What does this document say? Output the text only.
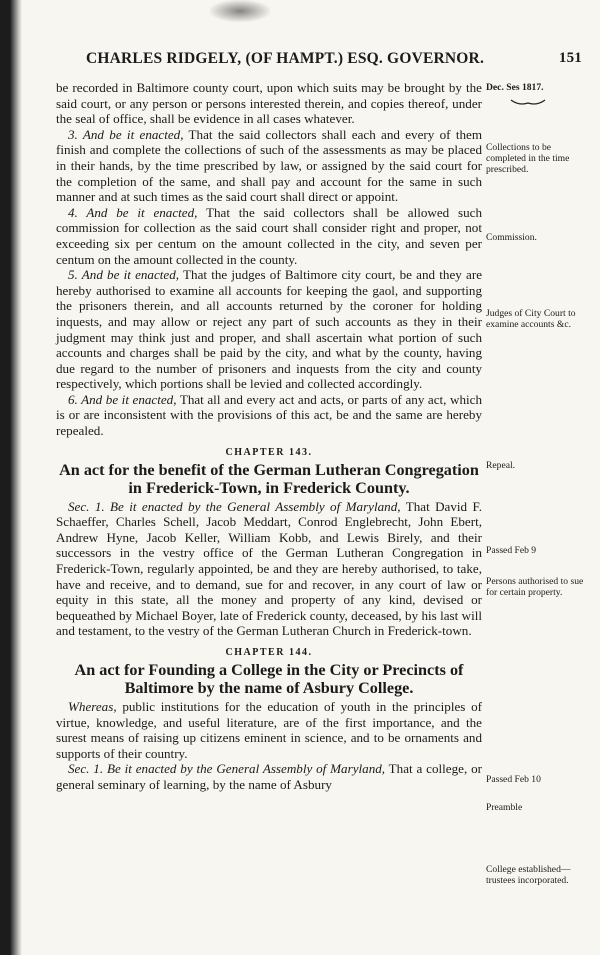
CHARLES RIDGELY, (OF HAMPT.) ESQ. GOVERNOR.	151

be recorded in Baltimore county court, upon which suits may be brought by the said court, or any person or persons interested therein, and copies thereof, under the seal of office, shall be evidence in all cases whatever.

3. And be it enacted, That the said collectors shall each and every of them finish and complete the collections of such of the assessments as may be placed in their hands, by the time prescribed by law, or assigned by the said court for the completion of the same, and shall pay and account for the same in such manner and at such times as the said court shall direct or appoint.

4. And be it enacted, That the said collectors shall be allowed such commission for collection as the said court shall consider right and proper, not exceeding six per centum on the amount collected in the city, and seven per centum on the amount collected in the county.

5. And be it enacted, That the judges of Baltimore city court, be and they are hereby authorised to examine all accounts for keeping the gaol, and supporting the prisoners therein, and all accounts returned by the coroner for holding inquests, and may allow or reject any part of such accounts as they in their judgment may think just and proper, and shall ascertain what portion of such accounts and charges shall be paid by the city, and what by the county, having due regard to the number of prisoners and inquests from the city and county respectively, which portions shall be levied and collected accordingly.

6. And be it enacted, That all and every act and acts, or parts of any act, which is or are inconsistent with the provisions of this act, be and the same are hereby repealed.

CHAPTER 143.
An act for the benefit of the German Lutheran Congregation in Frederick-Town, in Frederick County.

Sec. 1. Be it enacted by the General Assembly of Maryland, That David F. Schaeffer, Charles Schell, Jacob Meddart, Conrod Englebrecht, John Ebert, Andrew Hyne, Jacob Keller, William Kobb, and Lewis Birely, and their successors in the vestry office of the German Lutheran Congregation in Frederick-Town, regularly appointed, be and they are hereby authorised, to take, have and receive, and to demand, sue for and recover, in any court of law or equity in this state, all the money and property of any kind, devised or bequeathed by Michael Boyer, late of Frederick county, deceased, by his last will and testament, to the vestry of the German Lutheran Church in Frederick-town.

CHAPTER 144.
An act for Founding a College in the City or Precincts of Baltimore by the name of Asbury College.

Whereas, public institutions for the education of youth in the principles of virtue, knowledge, and useful literature, are of the first importance, and the surest means of raising up citizens eminent in science, and to be ornaments and supports of their country.

Sec. 1. Be it enacted by the General Assembly of Maryland, That a college, or general seminary of learning, by the name of Asbury

Dec. Ses 1817.
Collections to be completed in the time prescribed.
Commission.
Judges of City Court to examine accounts &c.
Repeal.
Passed Feb 9
Persons authorised to sue for certain property.
Passed Feb 10
Preamble
College established—trustees incorporated.
